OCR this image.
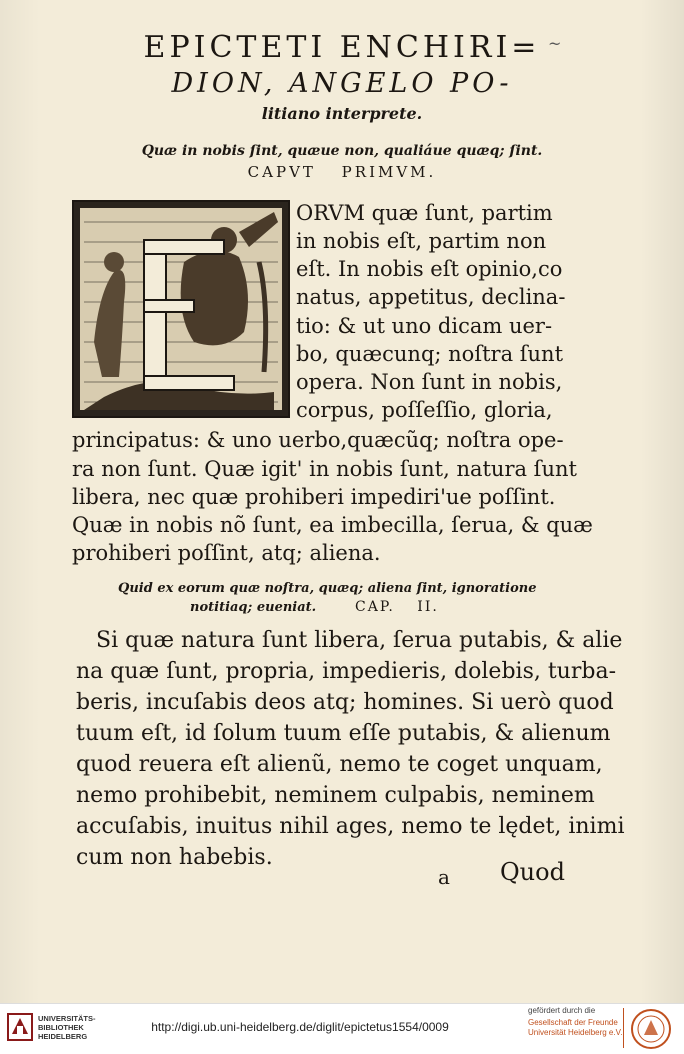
EPICTETI ENCHIRI= ~
DION, ANGELO PO-
litiano interprete.
Quæ in nobis ſint, quæue non, qualiáue quæq; ſint.
CAPVT PRIMVM.
ORVM quæ ſunt, partim
in nobis eſt, partim non
eſt. In nobis eſt opinio,co
natus, appetitus, declina-
tio: & ut uno dicam uer-
bo, quæcunq; noſtra ſunt
opera. Non ſunt in nobis,
corpus, poſſeſſio, gloria,
principatus: & uno uerbo,quæcũq; noſtra ope-
ra non ſunt. Quæ igit' in nobis ſunt, natura ſunt
libera, nec quæ prohiberi impediri'ue poſſint.
Quæ in nobis nõ ſunt, ea imbecilla, ſerua, & quæ
prohiberi poſſint, atq; aliena.
Quid ex eorum quæ noſtra, quæq; aliena ſint, ignoratione
notitiaq; eueniat.	CAP. II.
Si quæ natura ſunt libera, ſerua putabis, & alie
na quæ ſunt, propria, impedieris, dolebis, turba-
beris, incuſabis deos atq; homines. Si uerò quod
tuum eſt, id ſolum tuum eſſe putabis, & alienum
quod reuera eſt alienũ, nemo te coget unquam,
nemo prohibebit, neminem culpabis, neminem
accuſabis, inuitus nihil ages, nemo te lędet, inimi
cum non habebis.
a Quod
UNIVERSITÄTS-
BIBLIOTHEK
HEIDELBERG
http://digi.ub.uni-heidelberg.de/diglit/epictetus1554/0009
gefördert durch die
Gesellschaft der Freunde
Universität Heidelberg e.V.
